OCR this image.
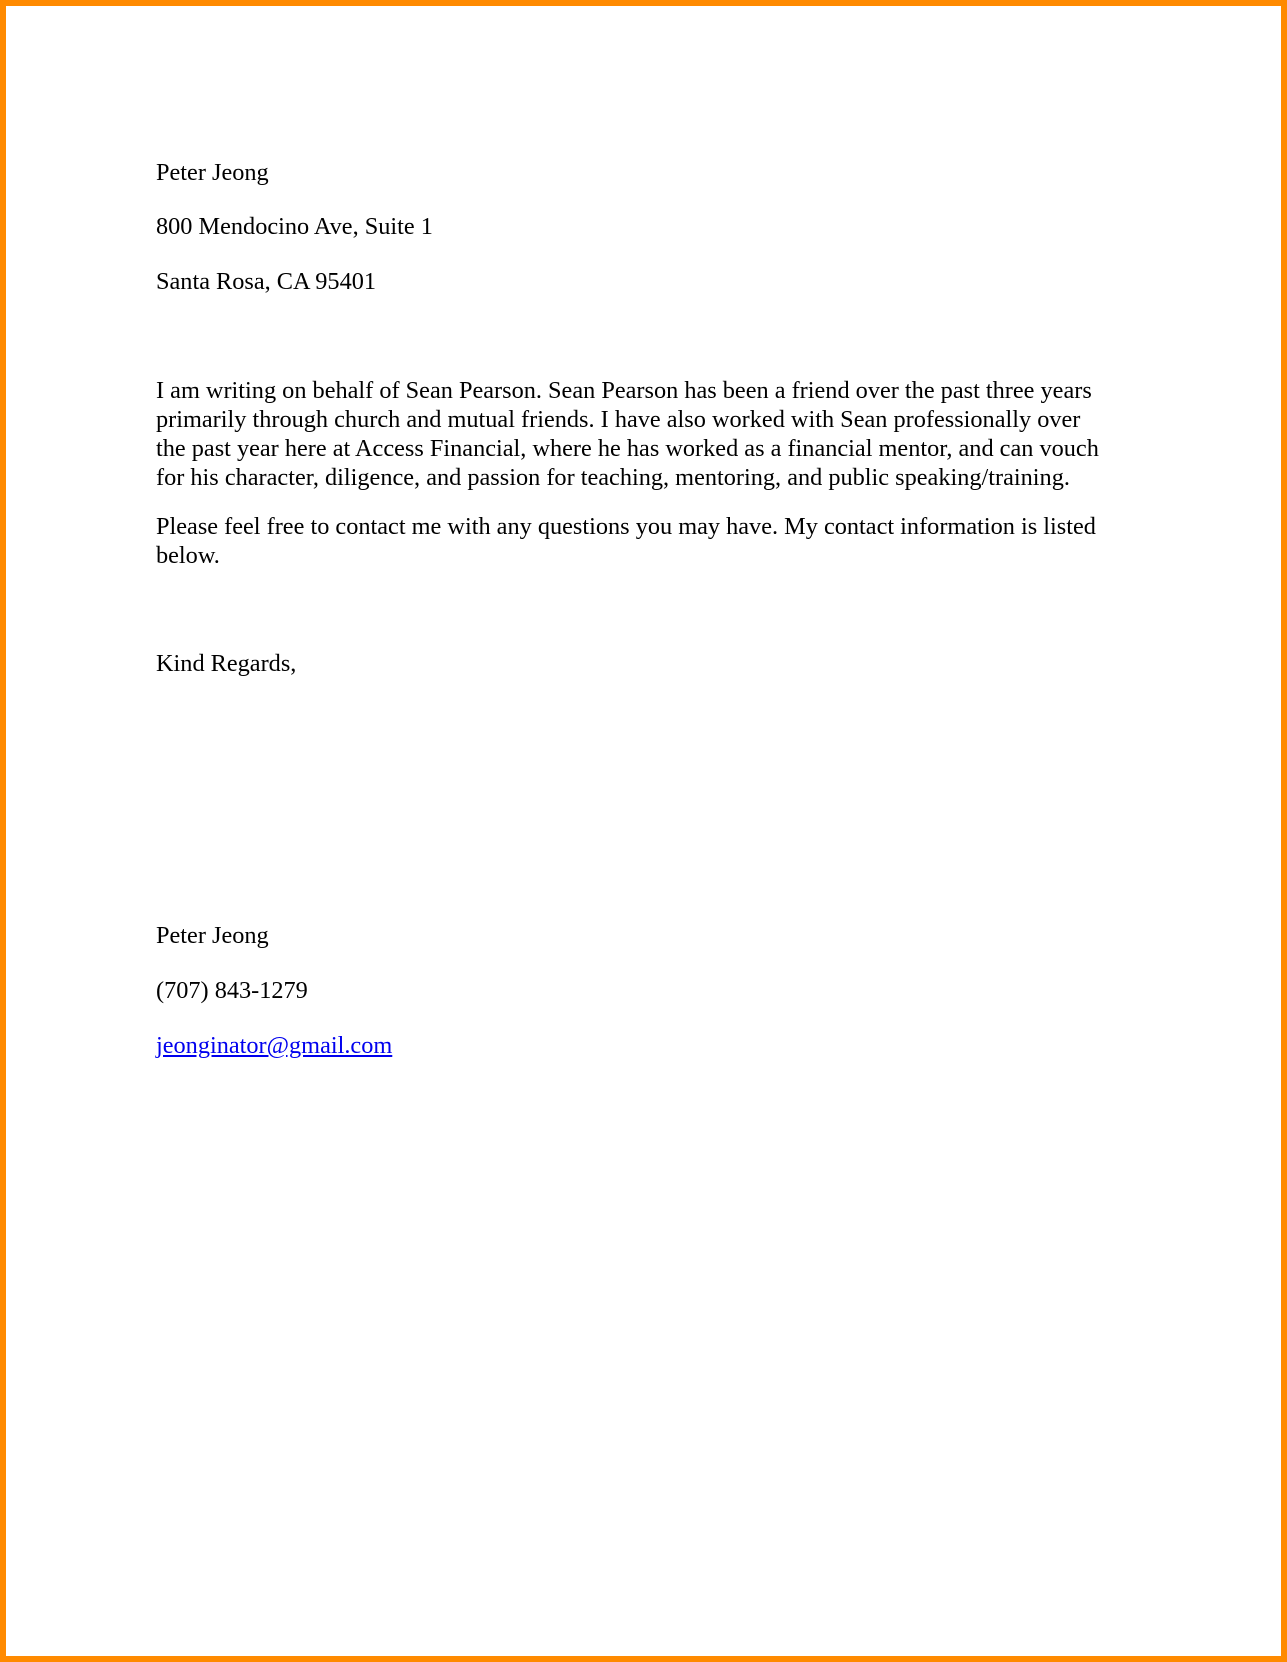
Peter Jeong
800 Mendocino Ave, Suite 1
Santa Rosa, CA 95401
I am writing on behalf of Sean Pearson. Sean Pearson has been a friend over the past three years
primarily through church and mutual friends. I have also worked with Sean professionally over
the past year here at Access Financial, where he has worked as a financial mentor, and can vouch
for his character, diligence, and passion for teaching, mentoring, and public speaking/training.
Please feel free to contact me with any questions you may have. My contact information is listed
below.
Kind Regards,
Peter Jeong
(707) 843-1279
jeonginator@gmail.com
